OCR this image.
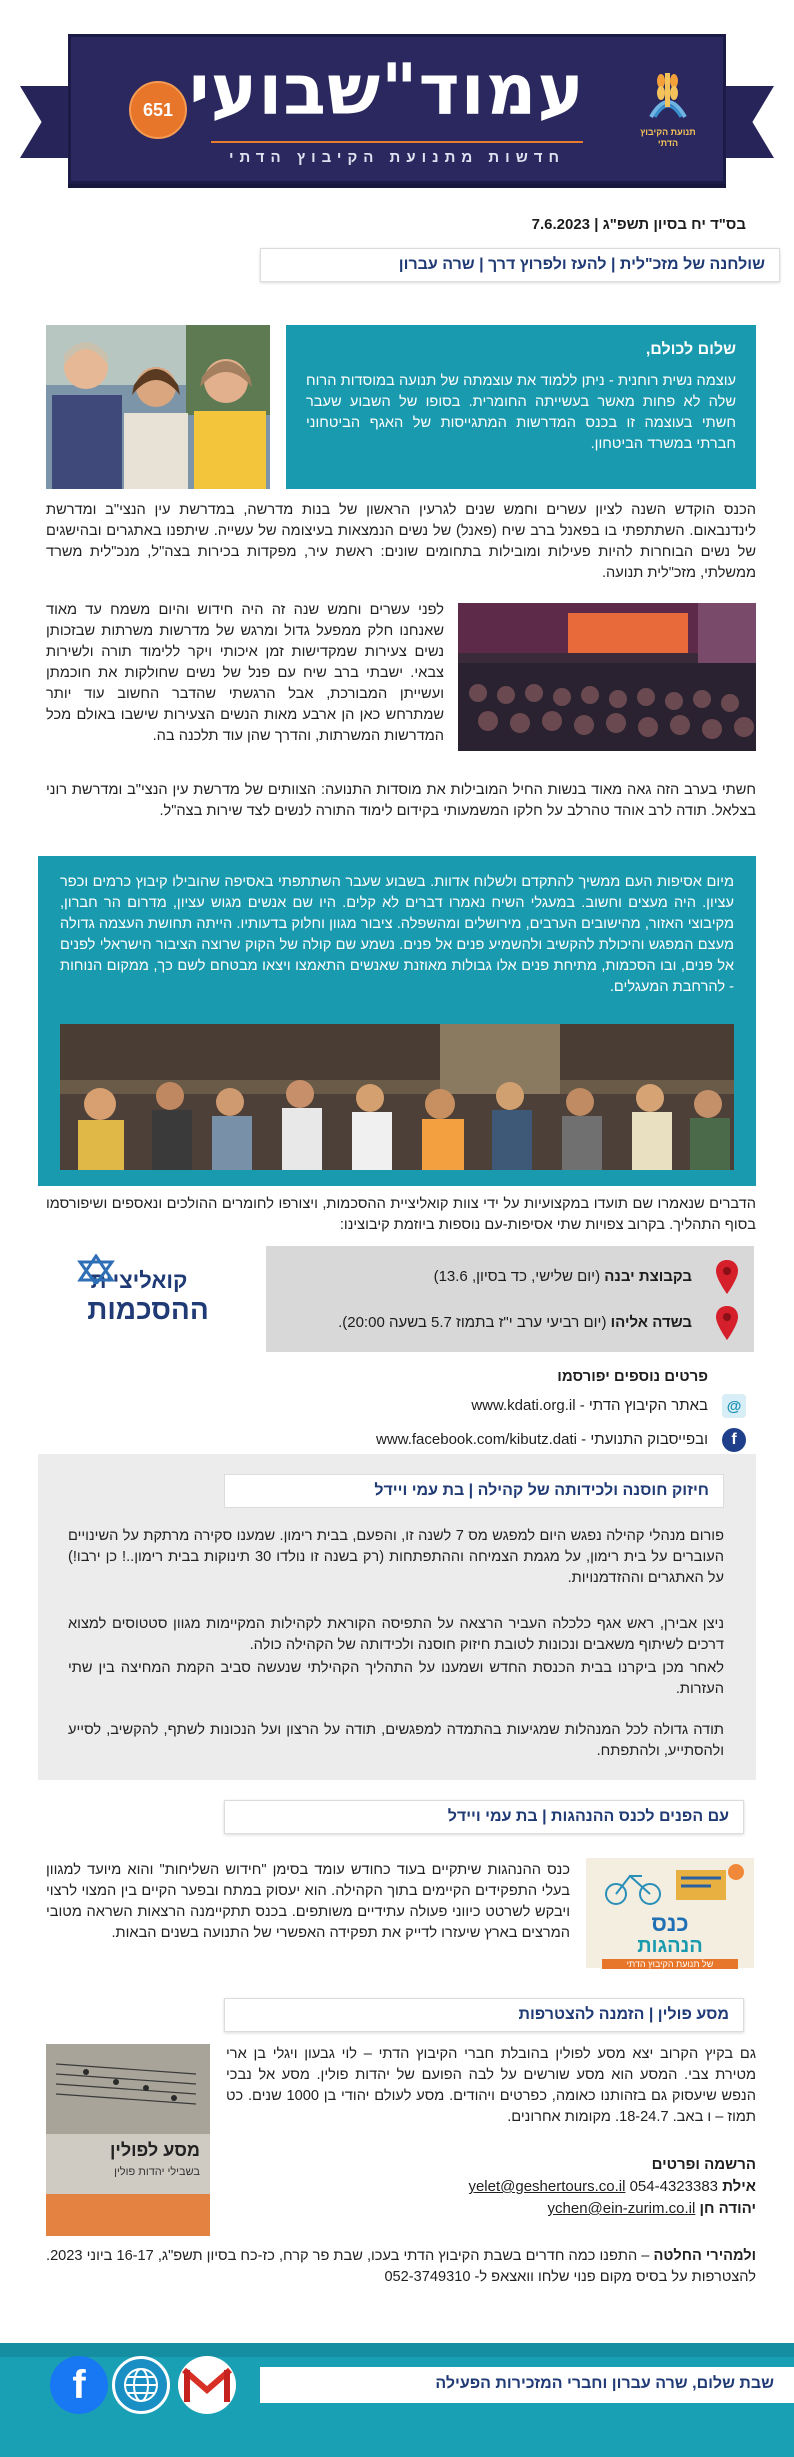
עמוד"שבועי
חדשות מתנועת הקיבוץ הדתי
651
תנועת הקיבוץ הדתי
בס"ד יח בסיון תשפ"ג | 7.6.2023
שולחנה של מזכ"לית | להעז ולפרוץ דרך | שרה עברון
שלום לכולם,
עוצמה נשית רוחנית - ניתן ללמוד את עוצמתה של תנועה במוסדות הרוח שלה לא פחות מאשר בעשייתה החומרית. בסופו של השבוע שעבר חשתי בעוצמה זו בכנס המדרשות המתגייסות של האגף הביטחוני חברתי במשרד הביטחון.
הכנס הוקדש השנה לציון עשרים וחמש שנים לגרעין הראשון של בנות מדרשה, במדרשת עין הנצי"ב ומדרשת לינדנבאום. השתתפתי בו בפאנל ברב שיח (פאנל) של נשים הנמצאות בעיצומה של עשייה. שיתפנו באתגרים ובהישגים של נשים הבוחרות להיות פעילות ומובילות בתחומים שונים: ראשת עיר, מפקדות בכירות בצה"ל, מנכ"לית משרד ממשלתי, מזכ"לית תנועה.
לפני עשרים וחמש שנה זה היה חידוש והיום משמח עד מאוד שאנחנו חלק ממפעל גדול ומרגש של מדרשות משרתות שבזכותן נשים צעירות שמקדישות זמן איכותי ויקר ללימוד תורה ולשירות צבאי. ישבתי ברב שיח עם פנל של נשים שחולקות את חוכמתן ועשייתן המבורכת, אבל הרגשתי שהדבר החשוב עוד יותר שמתרחש כאן הן ארבע מאות הנשים הצעירות שישבו באולם מכל המדרשות המשרתות, והדרך שהן עוד תלכנה בה.
חשתי בערב הזה גאה מאוד בנשות החיל המובילות את מוסדות התנועה: הצוותים של מדרשת עין הנצי"ב ומדרשת רוני בצלאל. תודה לרב אוהד טהרלב על חלקו המשמעותי בקידום לימוד התורה לנשים לצד שירות בצה"ל.
מיום אסיפות העם ממשיך להתקדם ולשלוח אדוות. בשבוע שעבר השתתפתי באסיפה שהובילו קיבוץ כרמים וכפר עציון. היה מעצים וחשוב. במעגלי השיח נאמרו דברים לא קלים. היו שם אנשים מגוש עציון, מדרום הר חברון, מקיבוצי האזור, מהישובים הערבים, מירושלים ומהשפלה. ציבור מגוון וחלוק בדעותיו. הייתה תחושת העצמה גדולה מעצם המפגש והיכולת להקשיב ולהשמיע פנים אל פנים. נשמע שם קולה של הקוק שרוצה הציבור הישראלי לפנים אל פנים, ובו הסכמות, מתיחת פנים אלו גבולות מאוזנת שאנשים התאמצו ויצאו מבטחם לשם כך, ממקום הנוחות - להרחבת המעגלים.
הדברים שנאמרו שם תועדו במקצועיות על ידי צוות קואליציית ההסכמות, ויצורפו לחומרים ההולכים ונאספים ושיפורסמו בסוף התהליך. בקרוב צפויות שתי אסיפות-עם נוספות ביוזמת קיבוצינו:
קואליציית
ההסכמות
בקבוצת יבנה (יום שלישי, כד בסיון, 13.6)
בשדה אליהו (יום רביעי ערב י"ז בתמוז 5.7 בשעה 20:00).
פרטים נוספים יפורסמו
@
באתר הקיבוץ הדתי - www.kdati.org.il
f
ובפייסבוק התנועתי - www.facebook.com/kibutz.dati
חיזוק חוסנה ולכידותה של קהילה | בת עמי ויידל
פורום מנהלי קהילה נפגש היום למפגש מס 7 לשנה זו, והפעם, בבית רימון. שמענו סקירה מרתקת על השינויים העוברים על בית רימון, על מגמת הצמיחה וההתפתחות (רק בשנה זו נולדו 30 תינוקות בבית רימון..! כן ירבו!) על האתגרים וההזדמנויות.
ניצן אבירן, ראש אגף כלכלה העביר הרצאה על התפיסה הקוראת לקהילות המקיימות מגוון סטטוסים למצוא דרכים לשיתוף משאבים ונכונות לטובת חיזוק חוסנה ולכידותה של הקהילה כולה.
לאחר מכן ביקרנו בבית הכנסת החדש ושמענו על התהליך הקהילתי שנעשה סביב הקמת המחיצה בין שתי העזרות.
תודה גדולה לכל המנהלות שמגיעות בהתמדה למפגשים, תודה על הרצון ועל הנכונות לשתף, להקשיב, לסייע ולהסתייע, ולהתפתח.
עם הפנים לכנס ההנהגות | בת עמי ויידל
כנס
הנהגות
של תנועת הקיבוץ הדתי
כנס ההנהגות שיתקיים בעוד כחודש עומד בסימן "חידוש השליחות" והוא מיועד למגוון בעלי התפקידים הקיימים בתוך הקהילה. הוא יעסוק במתח ובפער הקיים בין המצוי לרצוי ויבקש לשרטט כיווני פעולה עתידיים משותפים. בכנס תתקיימנה הרצאות השראה מטובי המרצים בארץ שיעזרו לדייק את תפקידה האפשרי של התנועה בשנים הבאות.
מסע פולין | הזמנה להצטרפות
מסע לפולין
בשבילי יהדות פולין
גם בקיץ הקרוב יצא מסע לפולין בהובלת חברי הקיבוץ הדתי – לוי גבעון ויגלי בן ארי מטירת צבי. המסע הוא מסע שורשים על לבה הפועם של יהדות פולין. מסע אל נבכי הנפש שיעסוק גם בזהותנו כאומה, כפרטים ויהודים. מסע לעולם יהודי בן 1000 שנים. כט תמוז – ו באב. 18-24.7. מקומות אחרונים.
הרשמה ופרטים
אילת 054-4323383 yelet@geshertours.co.il
יהודה חן ychen@ein-zurim.co.il
ולמהירי החלטה – התפנו כמה חדרים בשבת הקיבוץ הדתי בעכו, שבת פר קרח, כז-כח בסיון תשפ"ג, 16-17 ביוני 2023. להצטרפות על בסיס מקום פנוי שלחו וואצאפ ל- 052-3749310
שבת שלום, שרה עברון וחברי המזכירות הפעילה
f
